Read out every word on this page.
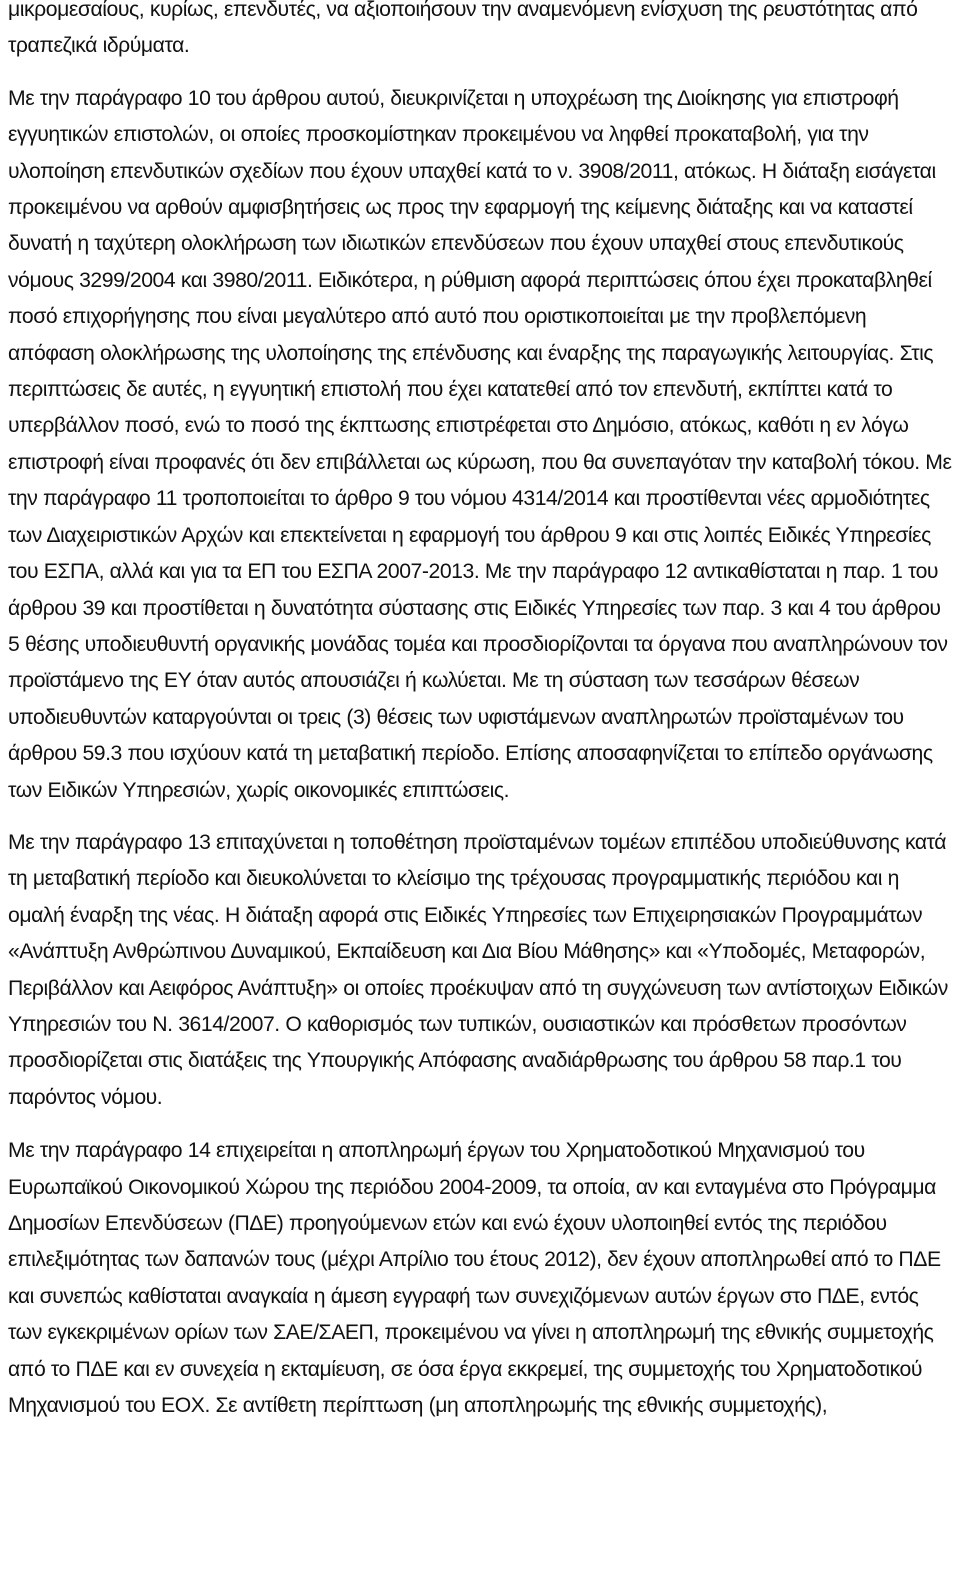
μικρομεσαίους, κυρίως, επενδυτές, να αξιοποιήσουν την αναμενόμενη ενίσχυση της ρευστότητας από τραπεζικά ιδρύματα.

Με την παράγραφο 10 του άρθρου αυτού, διευκρινίζεται η υποχρέωση της Διοίκησης για επιστροφή εγγυητικών επιστολών, οι οποίες προσκομίστηκαν προκειμένου να ληφθεί προκαταβολή, για την υλοποίηση επενδυτικών σχεδίων που έχουν υπαχθεί κατά το ν. 3908/2011, ατόκως. Η διάταξη εισάγεται προκειμένου να αρθούν αμφισβητήσεις ως προς την εφαρμογή της κείμενης διάταξης και να καταστεί δυνατή η ταχύτερη ολοκλήρωση των ιδιωτικών επενδύσεων που έχουν υπαχθεί στους επενδυτικούς νόμους 3299/2004 και 3980/2011. Ειδικότερα, η ρύθμιση αφορά περιπτώσεις όπου έχει προκαταβληθεί ποσό επιχορήγησης που είναι μεγαλύτερο από αυτό που οριστικοποιείται με την προβλεπόμενη απόφαση ολοκλήρωσης της υλοποίησης της επένδυσης και έναρξης της παραγωγικής λειτουργίας. Στις περιπτώσεις δε αυτές, η εγγυητική επιστολή που έχει κατατεθεί από τον επενδυτή, εκπίπτει κατά το υπερβάλλον ποσό, ενώ το ποσό της έκπτωσης επιστρέφεται στο Δημόσιο, ατόκως, καθότι η εν λόγω επιστροφή είναι προφανές ότι δεν επιβάλλεται ως κύρωση, που θα συνεπαγόταν την καταβολή τόκου. Με την παράγραφο 11 τροποποιείται το άρθρο 9 του νόμου 4314/2014 και προστίθενται νέες αρμοδιότητες των Διαχειριστικών Αρχών και επεκτείνεται η εφαρμογή του άρθρου 9 και στις λοιπές Ειδικές Υπηρεσίες του ΕΣΠΑ, αλλά και για τα ΕΠ του ΕΣΠΑ 2007-2013. Με την παράγραφο 12 αντικαθίσταται η παρ. 1 του άρθρου 39 και προστίθεται η δυνατότητα σύστασης στις Ειδικές Υπηρεσίες των παρ. 3 και 4 του άρθρου 5 θέσης υποδιευθυντή οργανικής μονάδας τομέα και προσδιορίζονται τα όργανα που αναπληρώνουν τον προϊστάμενο της ΕΥ όταν αυτός απουσιάζει ή κωλύεται. Με τη σύσταση των τεσσάρων θέσεων υποδιευθυντών καταργούνται οι τρεις (3) θέσεις των υφιστάμενων αναπληρωτών προϊσταμένων του άρθρου 59.3 που ισχύουν κατά τη μεταβατική περίοδο. Επίσης αποσαφηνίζεται το επίπεδο οργάνωσης των Ειδικών Υπηρεσιών, χωρίς οικονομικές επιπτώσεις.

Με την παράγραφο 13 επιταχύνεται η τοποθέτηση προϊσταμένων τομέων επιπέδου υποδιεύθυνσης κατά τη μεταβατική περίοδο και διευκολύνεται το κλείσιμο της τρέχουσας προγραμματικής περιόδου και η ομαλή έναρξη της νέας. Η διάταξη αφορά στις Ειδικές Υπηρεσίες των Επιχειρησιακών Προγραμμάτων «Ανάπτυξη Ανθρώπινου Δυναμικού, Εκπαίδευση και Δια Βίου Μάθησης» και «Υποδομές, Μεταφορών, Περιβάλλον και Αειφόρος Ανάπτυξη» οι οποίες προέκυψαν από τη συγχώνευση των αντίστοιχων Ειδικών Υπηρεσιών του Ν. 3614/2007. Ο καθορισμός των τυπικών, ουσιαστικών και πρόσθετων προσόντων προσδιορίζεται στις διατάξεις της Υπουργικής Απόφασης αναδιάρθρωσης του άρθρου 58 παρ.1 του παρόντος νόμου.

Με την παράγραφο 14 επιχειρείται η αποπληρωμή έργων του Χρηματοδοτικού Μηχανισμού του Ευρωπαϊκού Οικονομικού Χώρου της περιόδου 2004-2009, τα οποία, αν και ενταγμένα στο Πρόγραμμα Δημοσίων Επενδύσεων (ΠΔΕ) προηγούμενων ετών και ενώ έχουν υλοποιηθεί εντός της περιόδου επιλεξιμότητας των δαπανών τους (μέχρι Απρίλιο του έτους 2012), δεν έχουν αποπληρωθεί από το ΠΔΕ και συνεπώς καθίσταται αναγκαία η άμεση εγγραφή των συνεχιζόμενων αυτών έργων στο ΠΔΕ, εντός των εγκεκριμένων ορίων των ΣΑΕ/ΣΑΕΠ, προκειμένου να γίνει η αποπληρωμή της εθνικής συμμετοχής από το ΠΔΕ και εν συνεχεία η εκταμίευση, σε όσα έργα εκκρεμεί, της συμμετοχής του Χρηματοδοτικού Μηχανισμού του ΕΟΧ. Σε αντίθετη περίπτωση (μη αποπληρωμής της εθνικής συμμετοχής),
